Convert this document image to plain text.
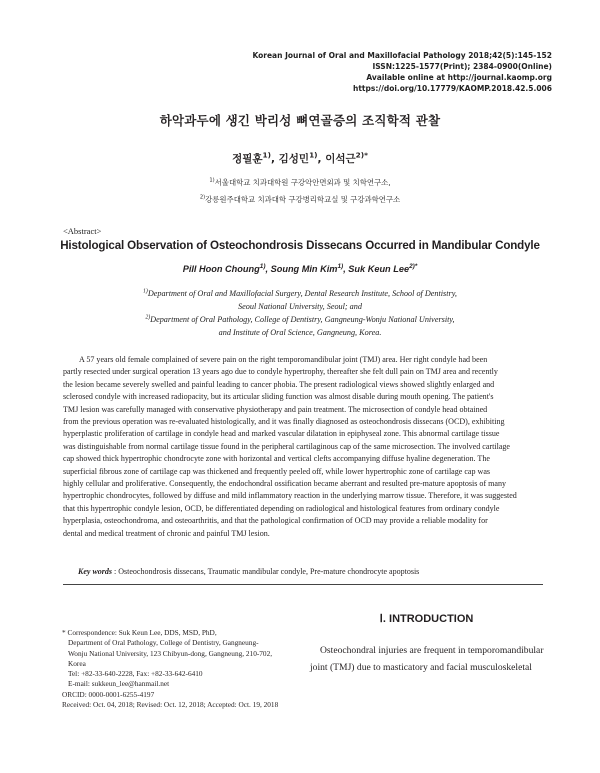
Korean Journal of Oral and Maxillofacial Pathology 2018;42(5):145-152
ISSN:1225-1577(Print); 2384-0900(Online)
Available online at http://journal.kaomp.org
https://doi.org/10.17779/KAOMP.2018.42.5.006
하악과두에 생긴 박리성 뼈연골증의 조직학적 관찰
정필훈$^{1)}$, 김성민$^{1)}$, 이석근$^{2)*}$
$^{1)}$서울대학교 치과대학원 구강악안면외과 및 치학연구소,
$^{2)}$강릉원주대학교 치과대학 구강병리학교실 및 구강과학연구소
<Abstract>
Histological Observation of Osteochondrosis Dissecans Occurred in Mandibular Condyle
Pill Hoon Choung$^{1)}$, Soung Min Kim$^{1)}$, Suk Keun Lee$^{2)*}$
$^{1)}$Department of Oral and Maxillofacial Surgery, Dental Research Institute, School of Dentistry,
Seoul National University, Seoul; and
$^{2)}$Department of Oral Pathology, College of Dentistry, Gangneung-Wonju National University,
and Institute of Oral Science, Gangneung, Korea.
A 57 years old female complained of severe pain on the right temporomandibular joint (TMJ) area. Her right condyle had been
partly resected under surgical operation 13 years ago due to condyle hypertrophy, thereafter she felt dull pain on TMJ area and recently
the lesion became severely swelled and painful leading to cancer phobia. The present radiological views showed slightly enlarged and
sclerosed condyle with increased radiopacity, but its articular sliding function was almost disable during mouth opening. The patient's
TMJ lesion was carefully managed with conservative physiotherapy and pain treatment. The microsection of condyle head obtained
from the previous operation was re-evaluated histologically, and it was finally diagnosed as osteochondrosis dissecans (OCD), exhibiting
hyperplastic proliferation of cartilage in condyle head and marked vascular dilatation in epiphyseal zone. This abnormal cartilage tissue
was distinguishable from normal cartilage tissue found in the peripheral cartilaginous cap of the same microsection. The involved cartilage
cap showed thick hypertrophic chondrocyte zone with horizontal and vertical clefts accompanying diffuse hyaline degeneration. The
superficial fibrous zone of cartilage cap was thickened and frequently peeled off, while lower hypertrophic zone of cartilage cap was
highly cellular and proliferative. Consequently, the endochondral ossification became aberrant and resulted pre-mature apoptosis of many
hypertrophic chondrocytes, followed by diffuse and mild inflammatory reaction in the underlying marrow tissue. Therefore, it was suggested
that this hypertrophic condyle lesion, OCD, be differentiated depending on radiological and histological features from ordinary condyle
hyperplasia, osteochondroma, and osteoarthritis, and that the pathological confirmation of OCD may provide a reliable modality for
dental and medical treatment of chronic and painful TMJ lesion.
Key words : Osteochondrosis dissecans, Traumatic mandibular condyle, Pre-mature chondrocyte apoptosis
* Correspondence: Suk Keun Lee, DDS, MSD, PhD,
Department of Oral Pathology, College of Dentistry, Gangneung-
Wonju National University, 123 Chibyun-dong, Gangneung, 210-702,
Korea
Tel: +82-33-640-2228, Fax: +82-33-642-6410
E-mail: sukkeun_lee@hanmail.net
ORCID: 0000-0001-6255-4197
Received: Oct. 04, 2018; Revised: Oct. 12, 2018; Accepted: Oct. 19, 2018
Ⅰ. INTRODUCTION
Osteochondral injuries are frequent in temporomandibular
joint (TMJ) due to masticatory and facial musculoskeletal
